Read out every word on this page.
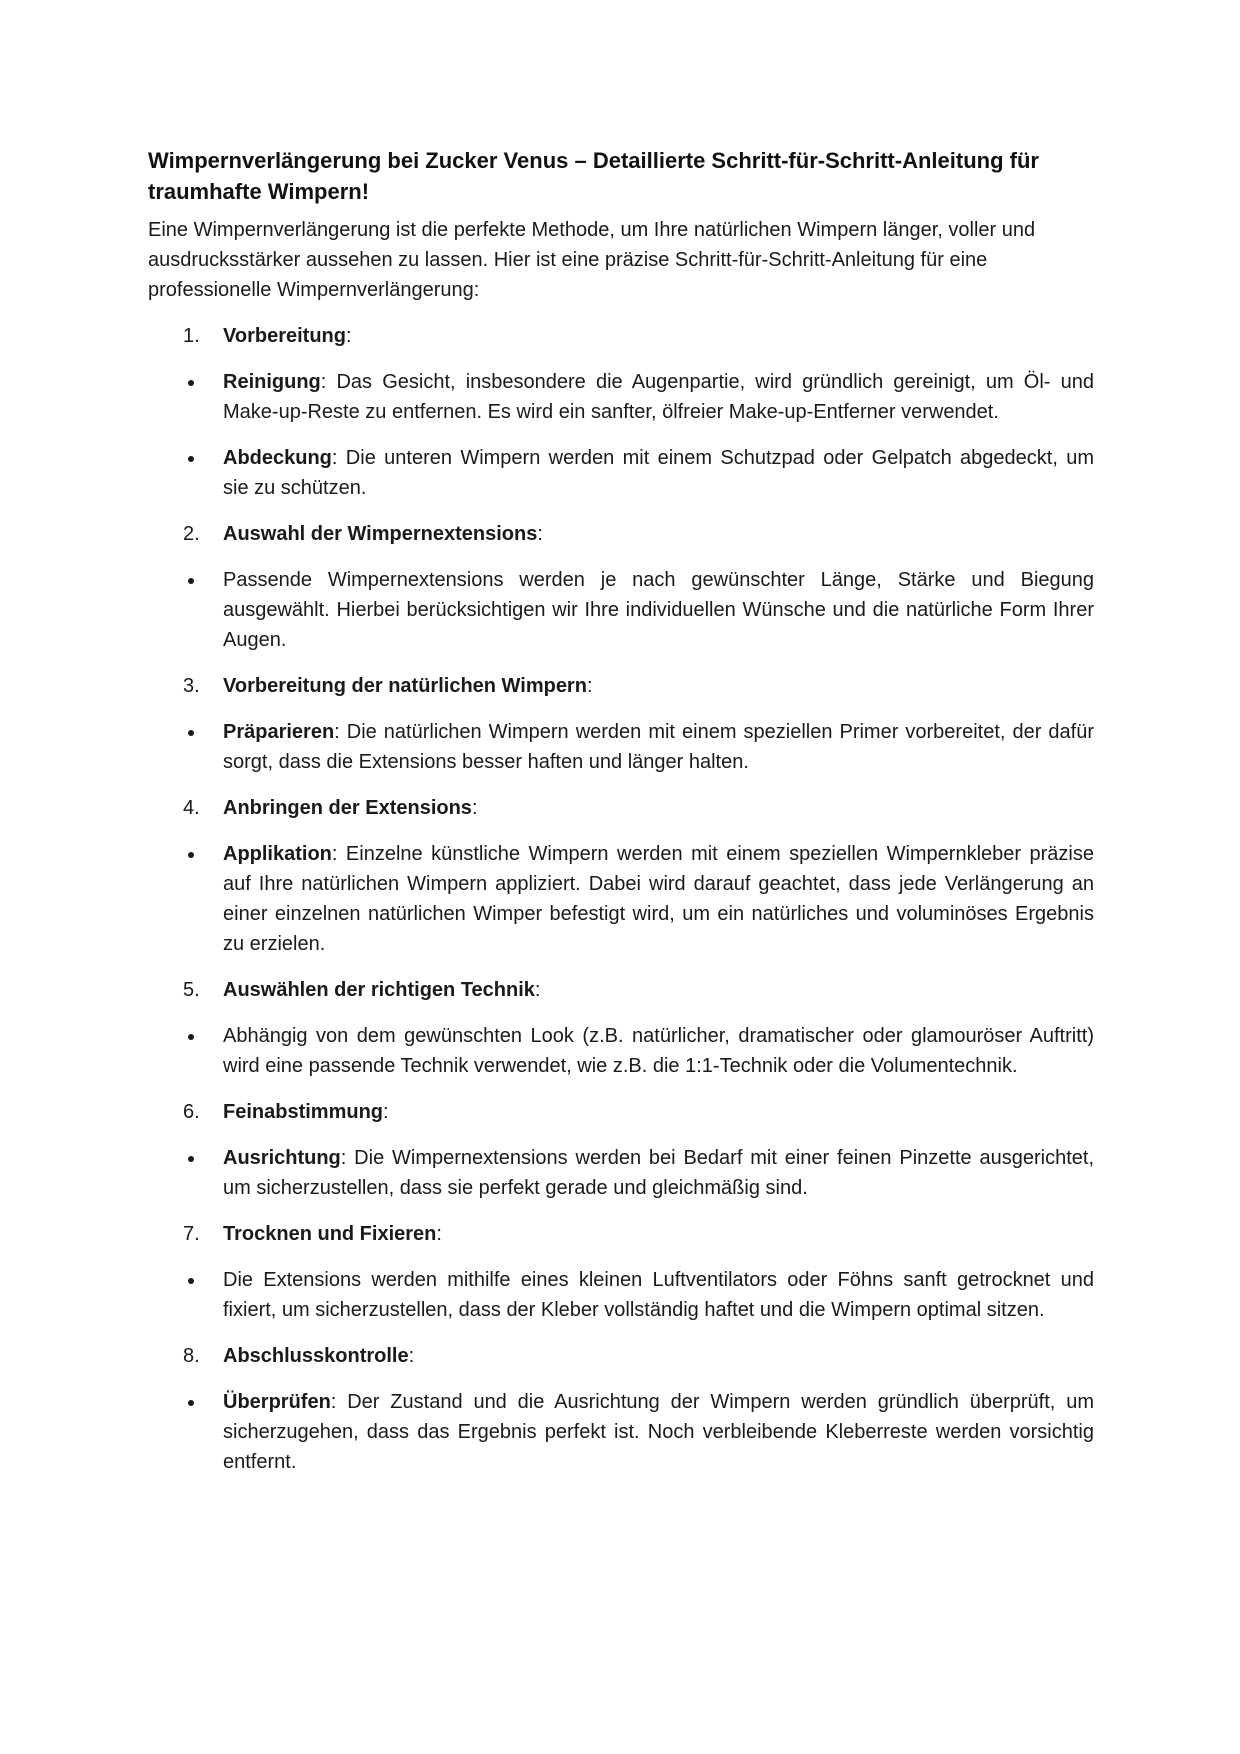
Wimpernverlängerung bei Zucker Venus – Detaillierte Schritt-für-Schritt-Anleitung für traumhafte Wimpern!

Eine Wimpernverlängerung ist die perfekte Methode, um Ihre natürlichen Wimpern länger, voller und ausdrucksstärker aussehen zu lassen. Hier ist eine präzise Schritt-für-Schritt-Anleitung für eine professionelle Wimpernverlängerung:

1. Vorbereitung:
Reinigung: Das Gesicht, insbesondere die Augenpartie, wird gründlich gereinigt, um Öl- und Make-up-Reste zu entfernen. Es wird ein sanfter, ölfreier Make-up-Entferner verwendet.
Abdeckung: Die unteren Wimpern werden mit einem Schutzpad oder Gelpatch abgedeckt, um sie zu schützen.
2. Auswahl der Wimpernextensions:
Passende Wimpernextensions werden je nach gewünschter Länge, Stärke und Biegung ausgewählt. Hierbei berücksichtigen wir Ihre individuellen Wünsche und die natürliche Form Ihrer Augen.
3. Vorbereitung der natürlichen Wimpern:
Präparieren: Die natürlichen Wimpern werden mit einem speziellen Primer vorbereitet, der dafür sorgt, dass die Extensions besser haften und länger halten.
4. Anbringen der Extensions:
Applikation: Einzelne künstliche Wimpern werden mit einem speziellen Wimpernkleber präzise auf Ihre natürlichen Wimpern appliziert. Dabei wird darauf geachtet, dass jede Verlängerung an einer einzelnen natürlichen Wimper befestigt wird, um ein natürliches und voluminöses Ergebnis zu erzielen.
5. Auswählen der richtigen Technik:
Abhängig von dem gewünschten Look (z.B. natürlicher, dramatischer oder glamouröser Auftritt) wird eine passende Technik verwendet, wie z.B. die 1:1-Technik oder die Volumentechnik.
6. Feinabstimmung:
Ausrichtung: Die Wimpernextensions werden bei Bedarf mit einer feinen Pinzette ausgerichtet, um sicherzustellen, dass sie perfekt gerade und gleichmäßig sind.
7. Trocknen und Fixieren:
Die Extensions werden mithilfe eines kleinen Luftventilators oder Föhns sanft getrocknet und fixiert, um sicherzustellen, dass der Kleber vollständig haftet und die Wimpern optimal sitzen.
8. Abschlusskontrolle:
Überprüfen: Der Zustand und die Ausrichtung der Wimpern werden gründlich überprüft, um sicherzugehen, dass das Ergebnis perfekt ist. Noch verbleibende Kleberreste werden vorsichtig entfernt.
